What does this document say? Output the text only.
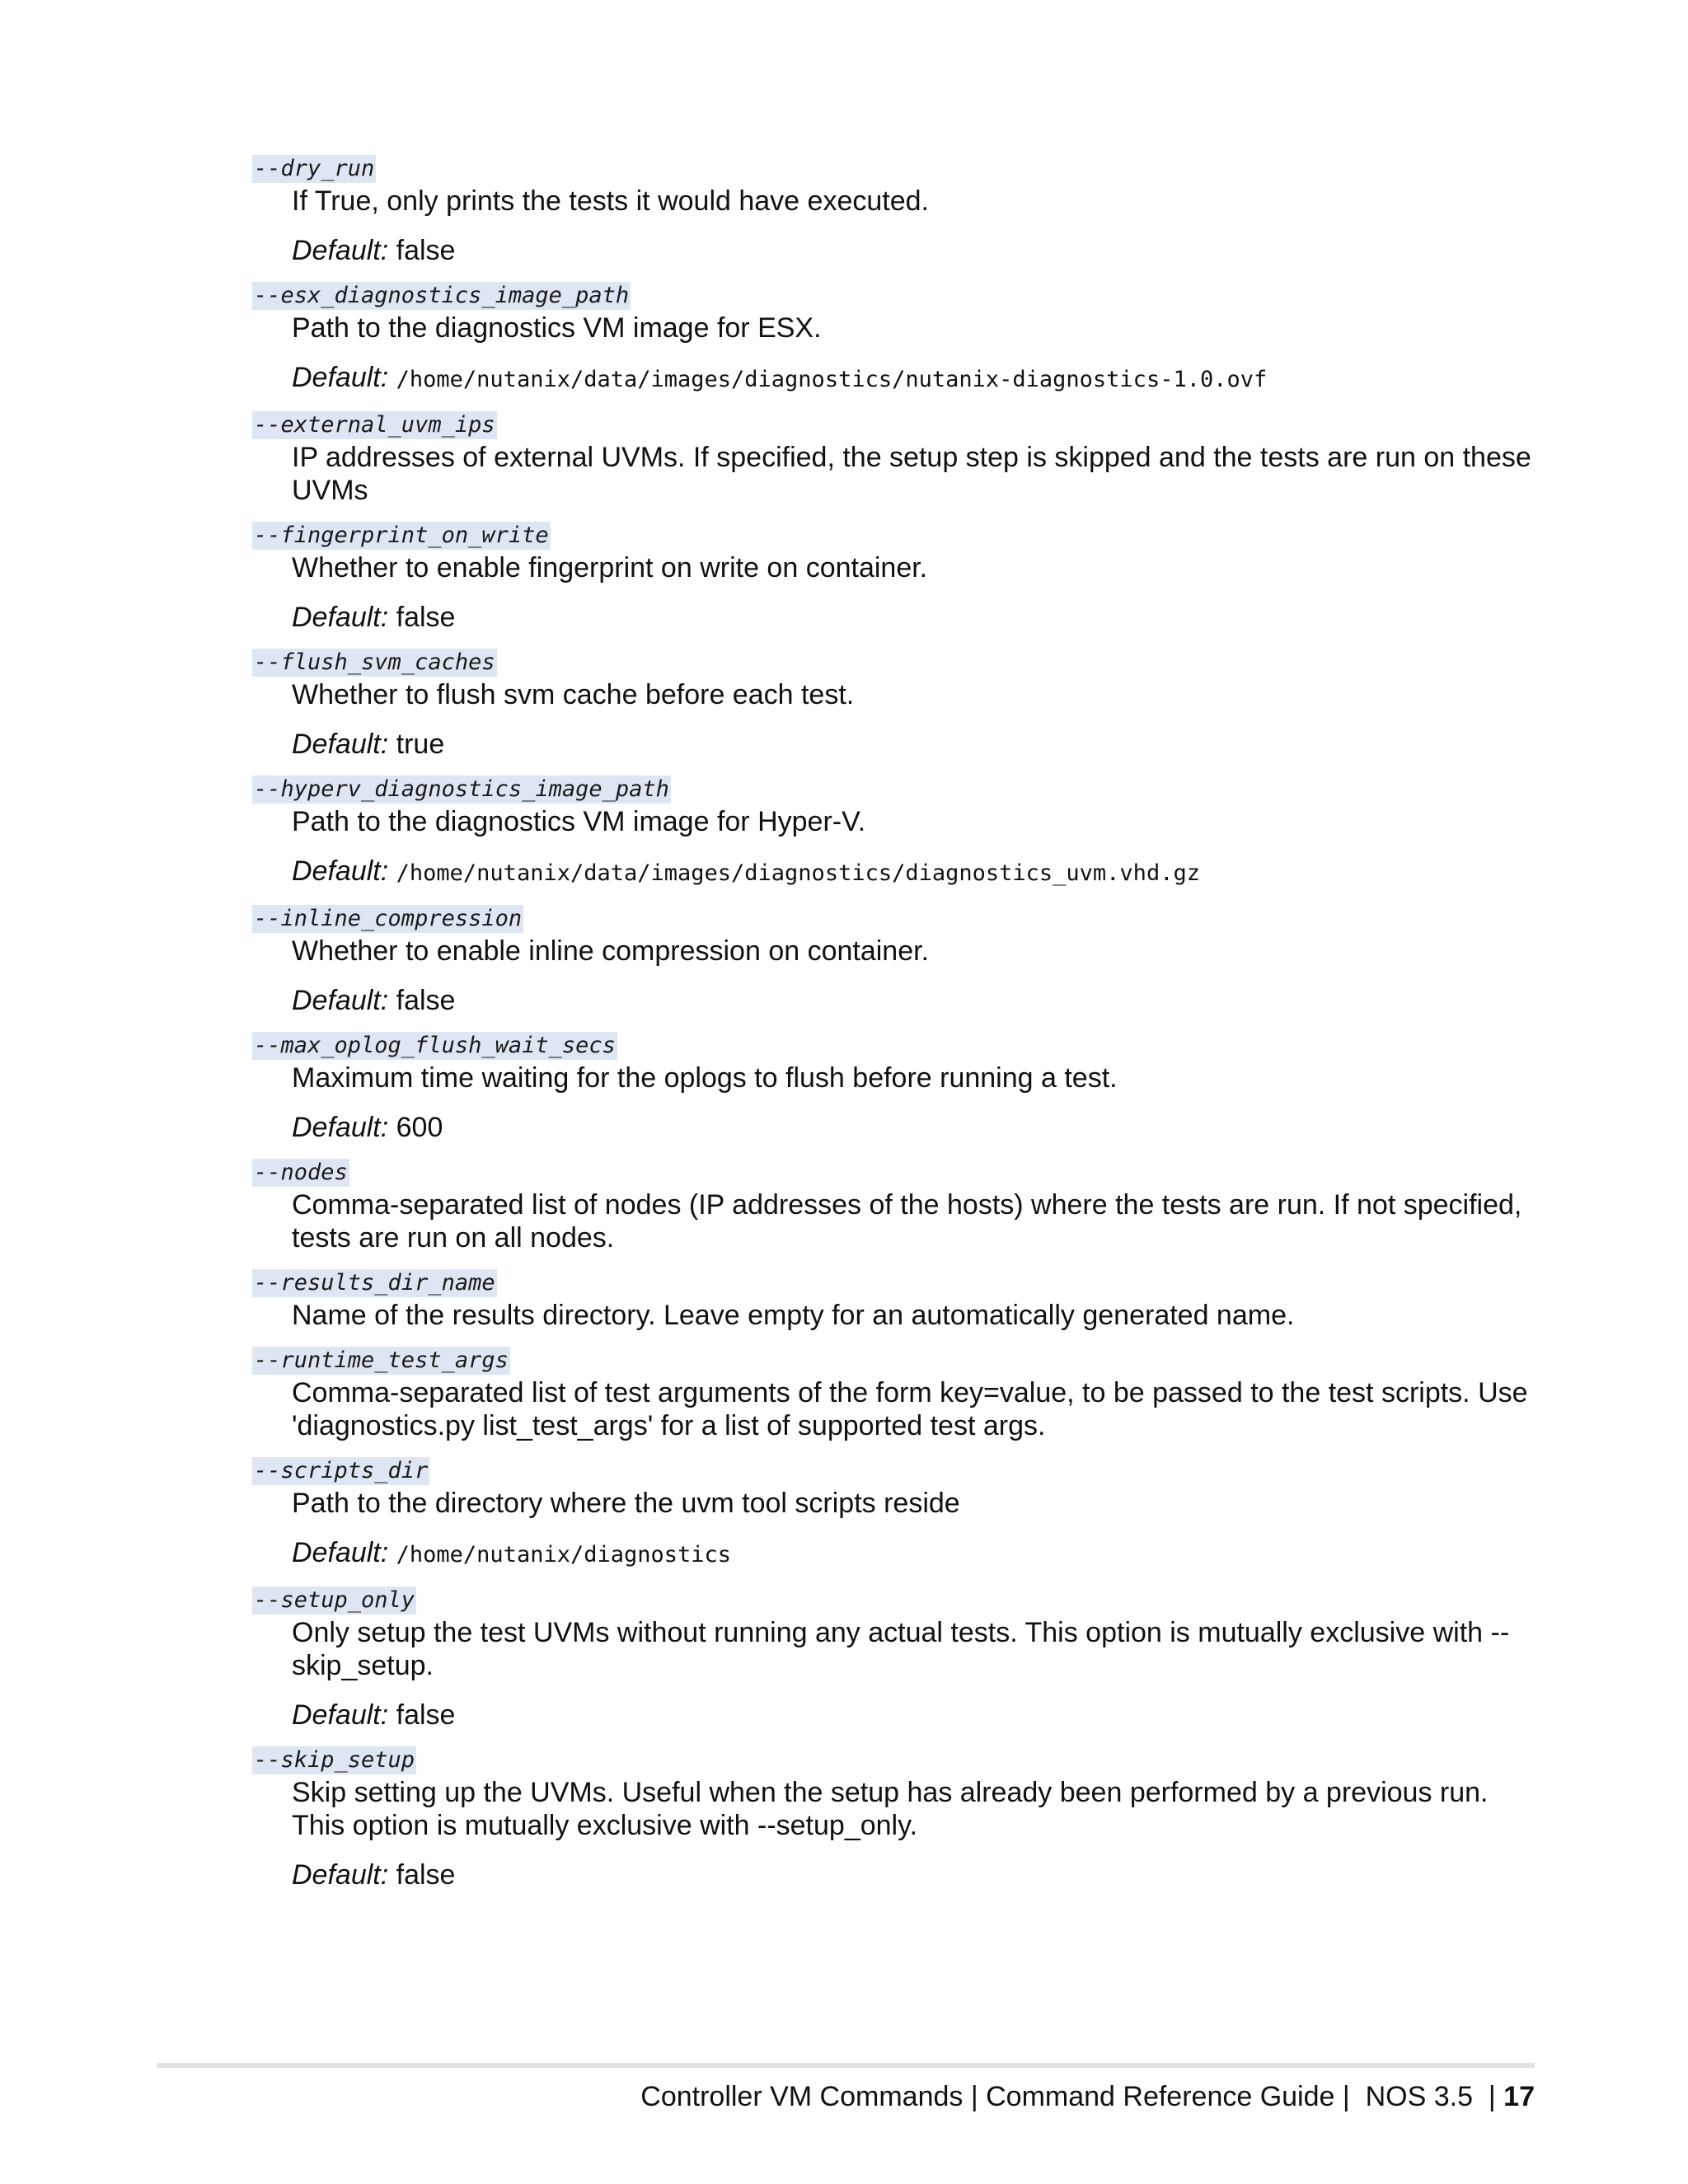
--dry_run
If True, only prints the tests it would have executed.
Default: false
--esx_diagnostics_image_path
Path to the diagnostics VM image for ESX.
Default: /home/nutanix/data/images/diagnostics/nutanix-diagnostics-1.0.ovf
--external_uvm_ips
IP addresses of external UVMs. If specified, the setup step is skipped and the tests are run on these UVMs
--fingerprint_on_write
Whether to enable fingerprint on write on container.
Default: false
--flush_svm_caches
Whether to flush svm cache before each test.
Default: true
--hyperv_diagnostics_image_path
Path to the diagnostics VM image for Hyper-V.
Default: /home/nutanix/data/images/diagnostics/diagnostics_uvm.vhd.gz
--inline_compression
Whether to enable inline compression on container.
Default: false
--max_oplog_flush_wait_secs
Maximum time waiting for the oplogs to flush before running a test.
Default: 600
--nodes
Comma-separated list of nodes (IP addresses of the hosts) where the tests are run. If not specified, tests are run on all nodes.
--results_dir_name
Name of the results directory. Leave empty for an automatically generated name.
--runtime_test_args
Comma-separated list of test arguments of the form key=value, to be passed to the test scripts. Use 'diagnostics.py list_test_args' for a list of supported test args.
--scripts_dir
Path to the directory where the uvm tool scripts reside
Default: /home/nutanix/diagnostics
--setup_only
Only setup the test UVMs without running any actual tests. This option is mutually exclusive with --skip_setup.
Default: false
--skip_setup
Skip setting up the UVMs. Useful when the setup has already been performed by a previous run. This option is mutually exclusive with --setup_only.
Default: false
Controller VM Commands | Command Reference Guide |  NOS 3.5  | 17
